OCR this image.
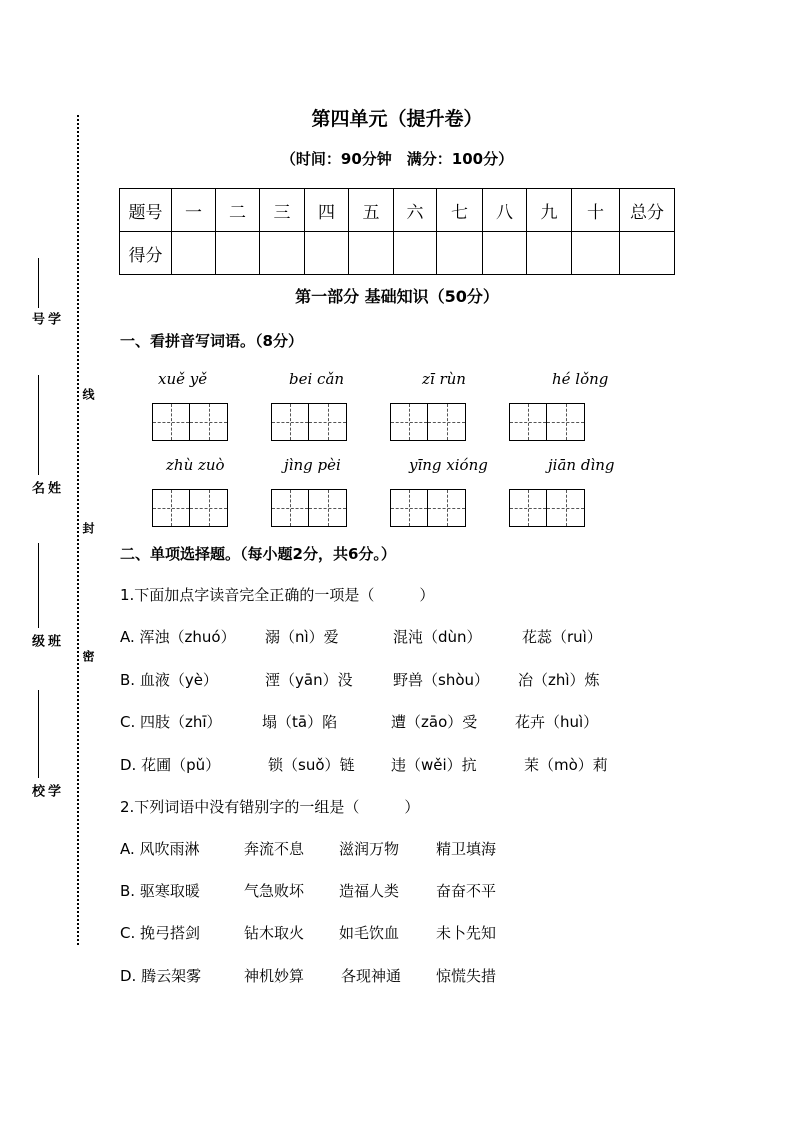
学号
姓名
班级
学校
线
封
密
第四单元（提升卷）
（时间：90分钟　满分：100分）
题号	一	二	三	四	五	六	七	八	九	十	总分
得分											
第一部分 基础知识（50分）
一、看拼音写词语。（8分）
xuě yě	bei cǎn	zī rùn	hé lǒng
zhù zuò	jìng pèi	yīng xióng	jiān dìng
二、单项选择题。（每小题2分，共6分。）
1.下面加点字读音完全正确的一项是（　　　）
A. 浑浊（zhuó） 溺（nì）爱	混沌（dùn）	花蕊（ruì）
B. 血液（yè）	湮（yān）没	野兽（shòu） 冶（zhì）炼
C. 四肢（zhī）	塌（tā）陷	遭（zāo）受	花卉（huì）
D. 花圃（pǔ）	锁（suǒ）链 违（wěi）抗	茉（mò）莉
2.下列词语中没有错别字的一组是（　　　）
A. 风吹雨淋	奔流不息 滋润万物 精卫填海
B. 驱寒取暖	气急败坏 造福人类 奋奋不平
C. 挽弓搭剑	钻木取火 如毛饮血 未卜先知
D. 腾云架雾	神机妙算 各现神通 惊慌失措
